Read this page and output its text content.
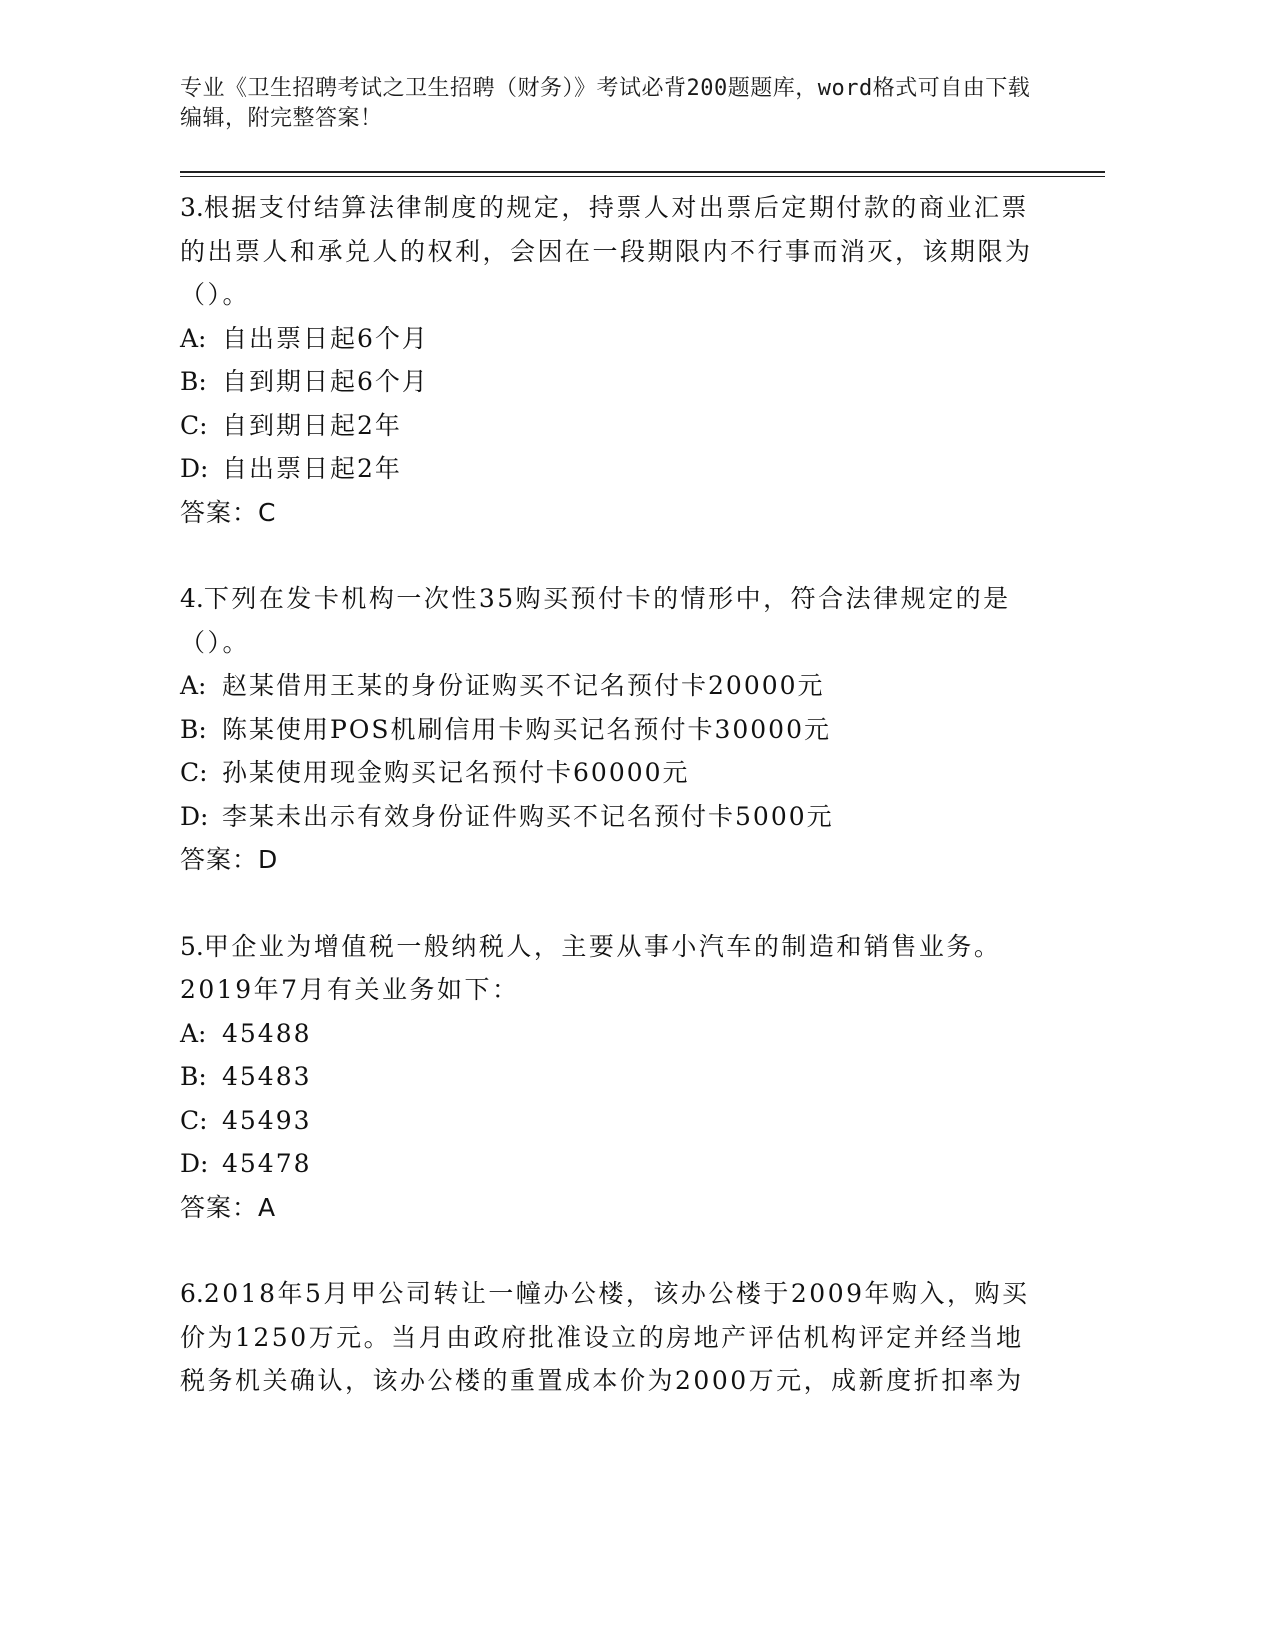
专业《卫生招聘考试之卫生招聘（财务）》考试必背200题题库，word格式可自由下载编辑，附完整答案！

3.根据支付结算法律制度的规定，持票人对出票后定期付款的商业汇票的出票人和承兑人的权利，会因在一段期限内不行事而消灭，该期限为（）。

A: 自出票日起6个月
B: 自到期日起6个月
C: 自到期日起2年
D: 自出票日起2年

答案：C

4.下列在发卡机构一次性35购买预付卡的情形中，符合法律规定的是（）。

A: 赵某借用王某的身份证购买不记名预付卡20000元
B: 陈某使用POS机刷信用卡购买记名预付卡30000元
C: 孙某使用现金购买记名预付卡60000元
D: 李某未出示有效身份证件购买不记名预付卡5000元

答案：D

5.甲企业为增值税一般纳税人，主要从事小汽车的制造和销售业务。2019年7月有关业务如下：

A: 45488
B: 45483
C: 45493
D: 45478

答案：A

6.2018年5月甲公司转让一幢办公楼，该办公楼于2009年购入，购买价为1250万元。当月由政府批准设立的房地产评估机构评定并经当地税务机关确认，该办公楼的重置成本价为2000万元，成新度折扣率为
